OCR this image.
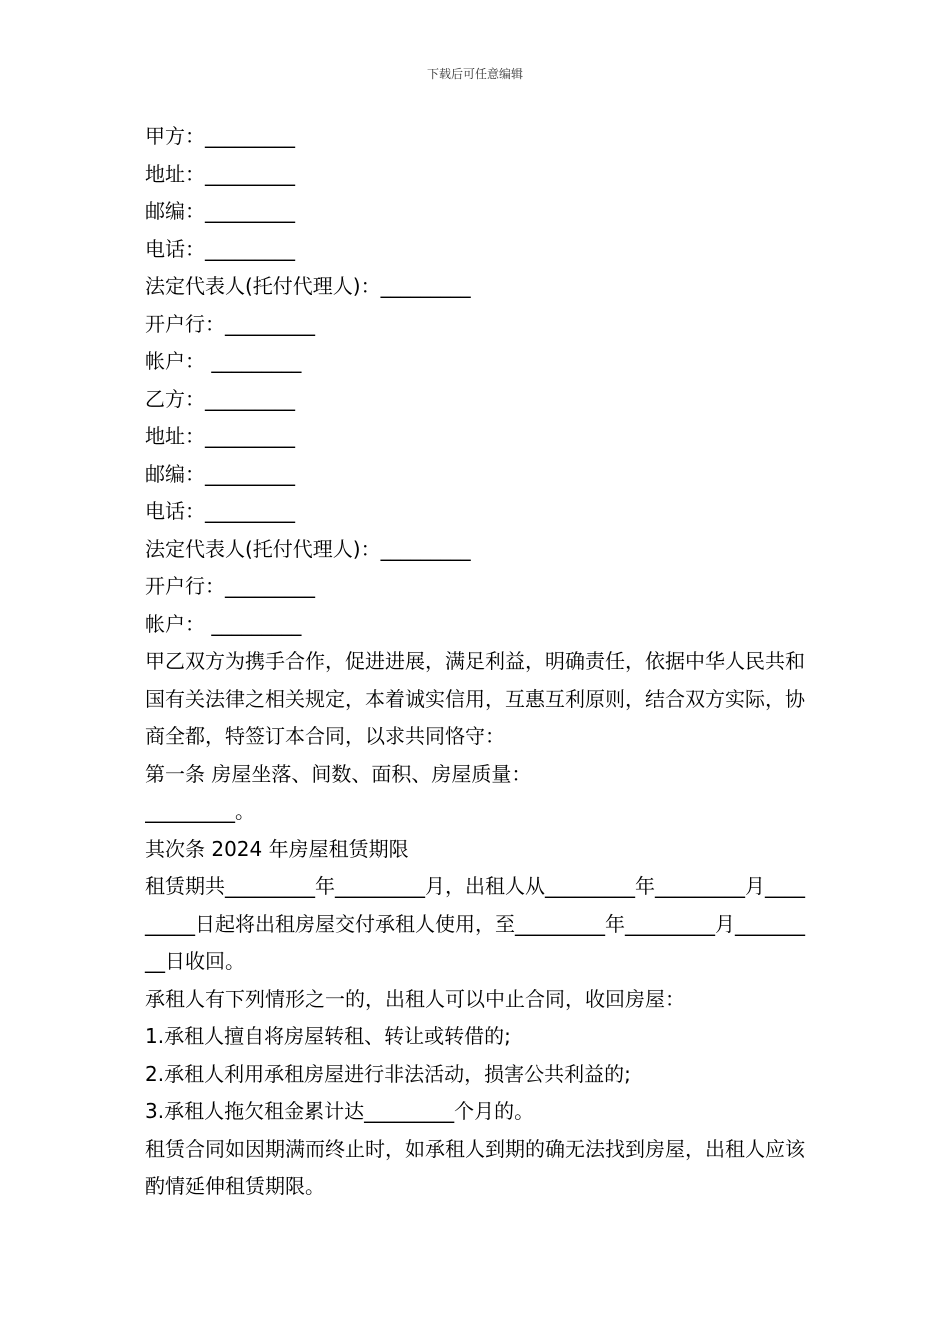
下载后可任意编辑
甲方：_________
地址：_________
邮编：_________
电话：_________
法定代表人(托付代理人)：_________
开户行：_________
帐户： _________
乙方：_________
地址：_________
邮编：_________
电话：_________
法定代表人(托付代理人)：_________
开户行：_________
帐户： _________
甲乙双方为携手合作，促进进展，满足利益，明确责任，依据中华人民共和国有关法律之相关规定，本着诚实信用，互惠互利原则，结合双方实际，协商全都，特签订本合同，以求共同恪守：
第一条 房屋坐落、间数、面积、房屋质量：
_________。
其次条 2024 年房屋租赁期限
租赁期共_________年_________月，出租人从_________年_________月_________日起将出租房屋交付承租人使用，至_________年_________月_________日收回。
承租人有下列情形之一的，出租人可以中止合同，收回房屋：
1.承租人擅自将房屋转租、转让或转借的;
2.承租人利用承租房屋进行非法活动，损害公共利益的;
3.承租人拖欠租金累计达_________个月的。
租赁合同如因期满而终止时，如承租人到期的确无法找到房屋，出租人应该酌情延伸租赁期限。
